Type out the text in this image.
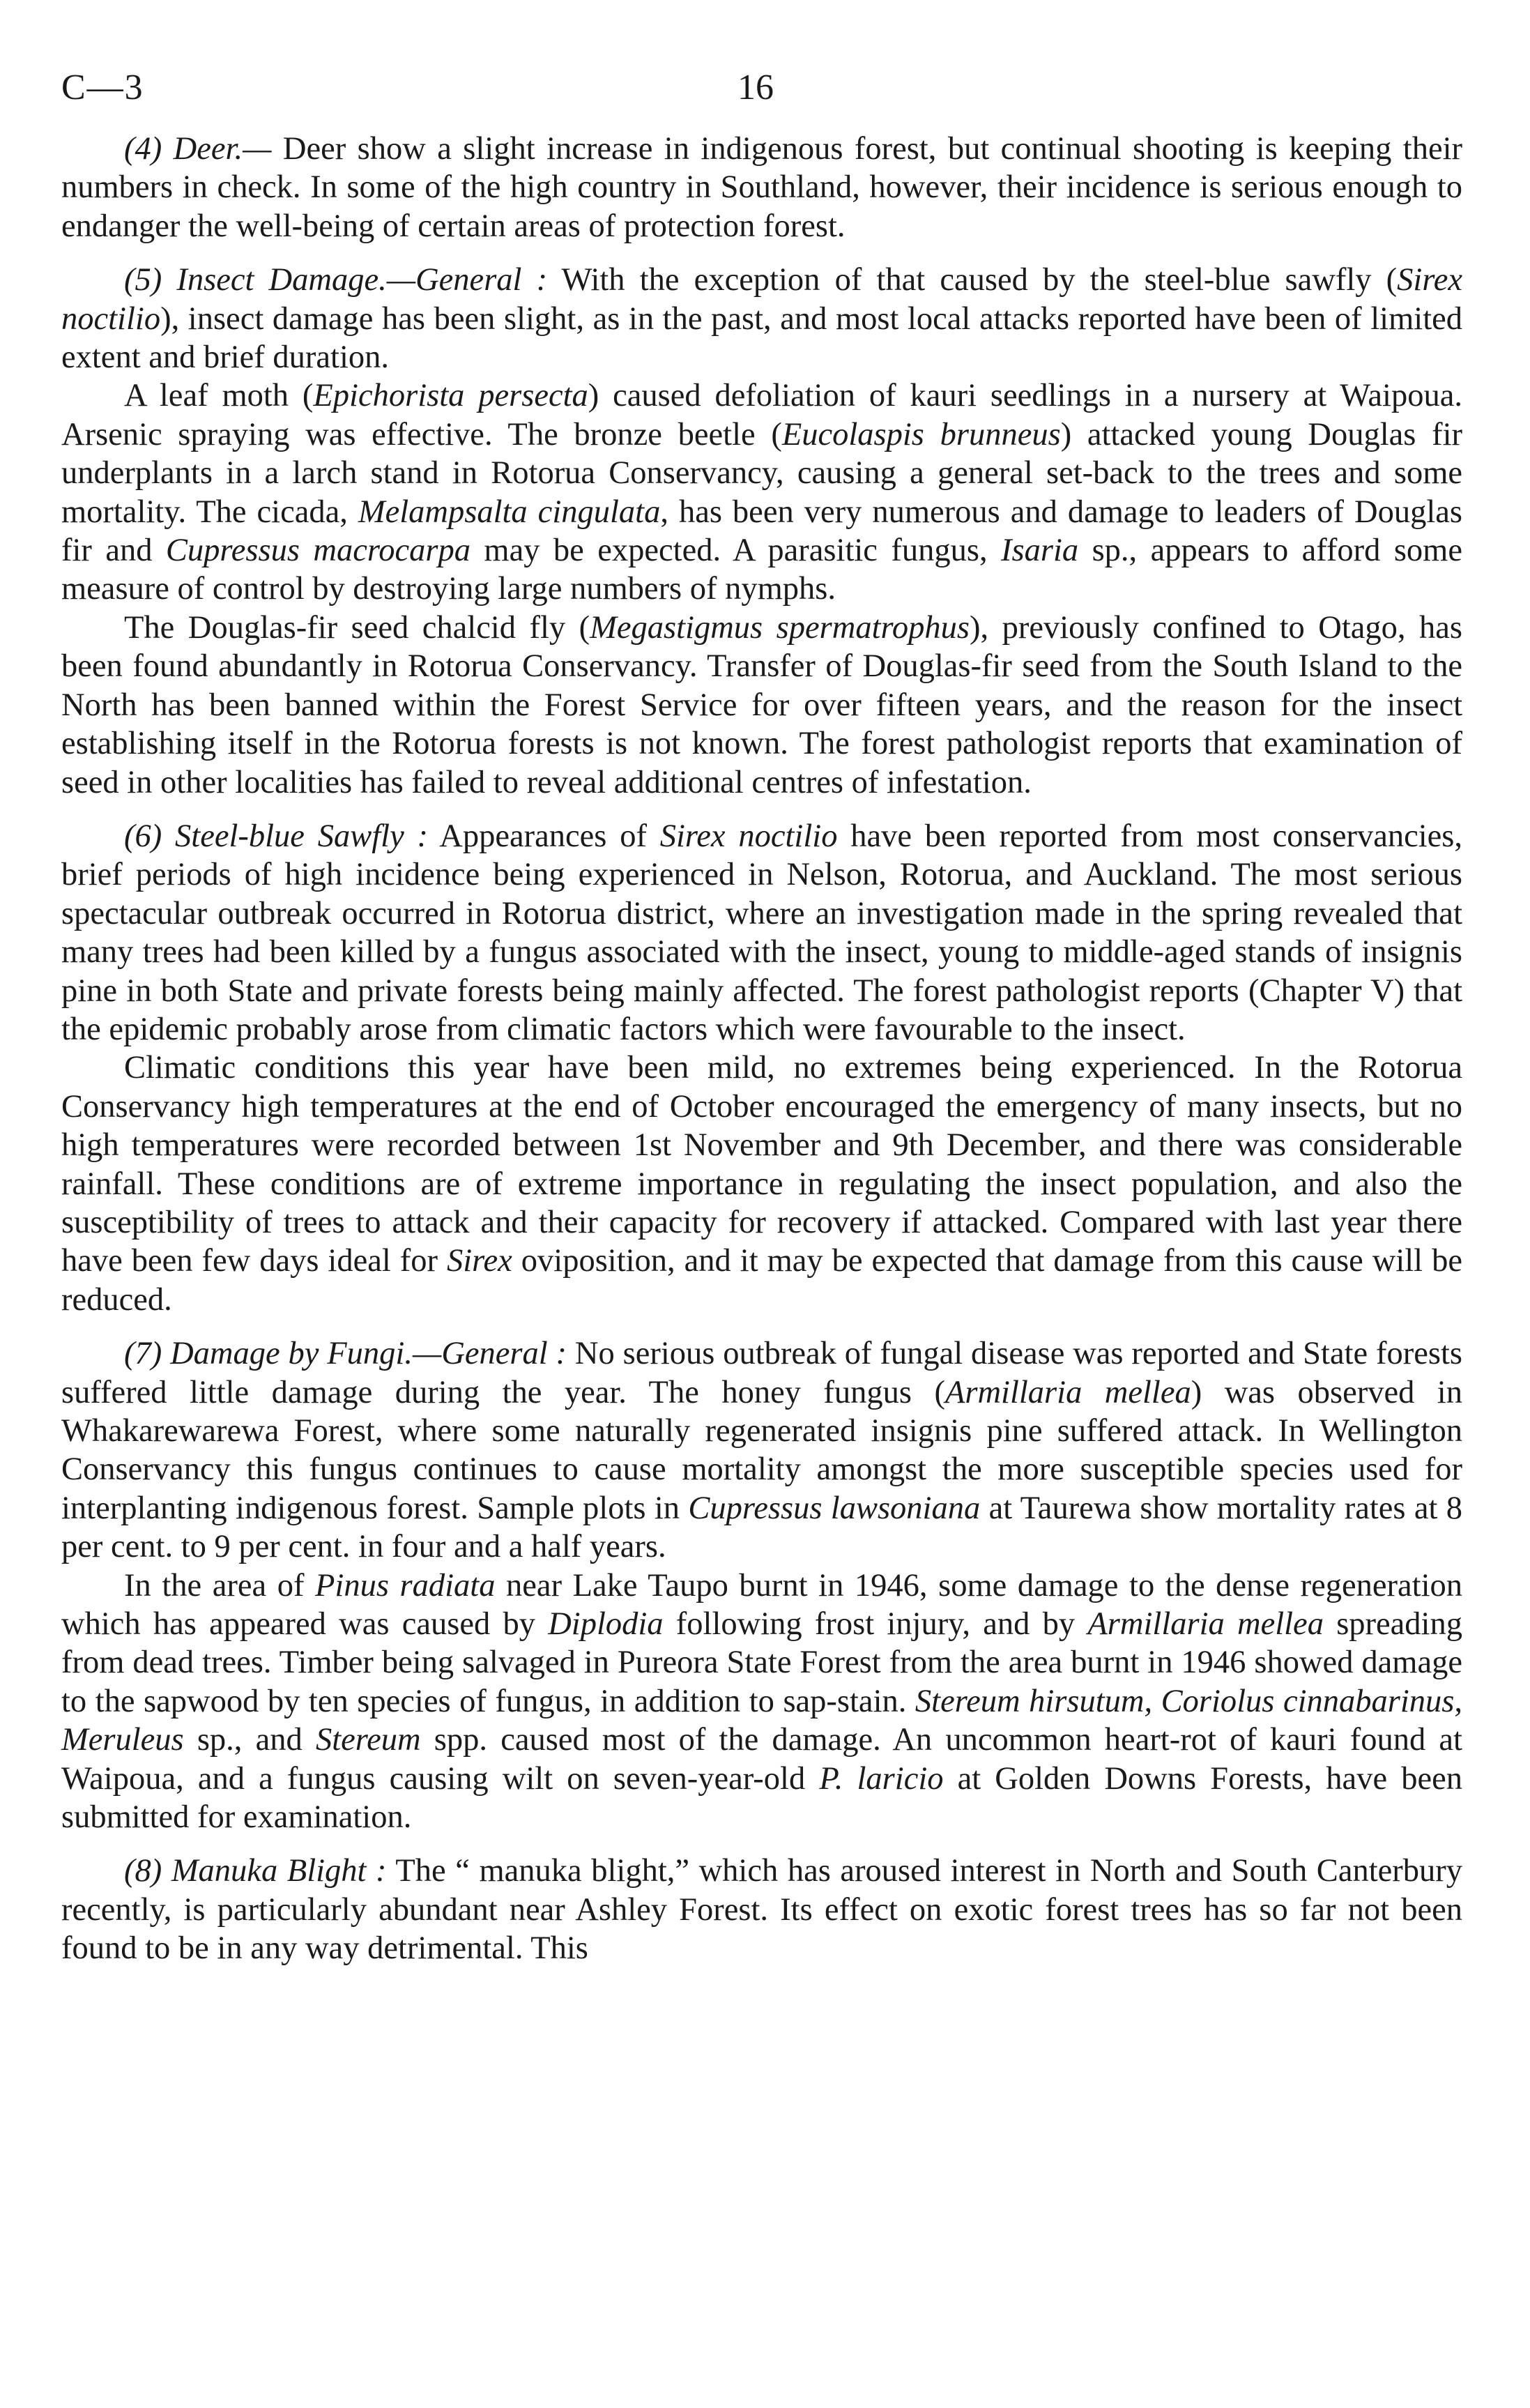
C—3	16

(4) Deer.— Deer show a slight increase in indigenous forest, but continual shooting is keeping their numbers in check. In some of the high country in Southland, however, their incidence is serious enough to endanger the well-being of certain areas of protection forest.

(5) Insect Damage.—General : With the exception of that caused by the steel-blue sawfly (Sirex noctilio), insect damage has been slight, as in the past, and most local attacks reported have been of limited extent and brief duration.

A leaf moth (Epichorista persecta) caused defoliation of kauri seedlings in a nursery at Waipoua. Arsenic spraying was effective. The bronze beetle (Eucolaspis brunneus) attacked young Douglas fir underplants in a larch stand in Rotorua Conservancy, causing a general set-back to the trees and some mortality. The cicada, Melampsalta cingulata, has been very numerous and damage to leaders of Douglas fir and Cupressus macrocarpa may be expected. A parasitic fungus, Isaria sp., appears to afford some measure of control by destroying large numbers of nymphs.

The Douglas-fir seed chalcid fly (Megastigmus spermatrophus), previously confined to Otago, has been found abundantly in Rotorua Conservancy. Transfer of Douglas-fir seed from the South Island to the North has been banned within the Forest Service for over fifteen years, and the reason for the insect establishing itself in the Rotorua forests is not known. The forest pathologist reports that examination of seed in other localities has failed to reveal additional centres of infestation.

(6) Steel-blue Sawfly : Appearances of Sirex noctilio have been reported from most conservancies, brief periods of high incidence being experienced in Nelson, Rotorua, and Auckland. The most serious spectacular outbreak occurred in Rotorua district, where an investigation made in the spring revealed that many trees had been killed by a fungus associated with the insect, young to middle-aged stands of insignis pine in both State and private forests being mainly affected. The forest pathologist reports (Chapter V) that the epidemic probably arose from climatic factors which were favourable to the insect.

Climatic conditions this year have been mild, no extremes being experienced. In the Rotorua Conservancy high temperatures at the end of October encouraged the emergency of many insects, but no high temperatures were recorded between 1st November and 9th December, and there was considerable rainfall. These conditions are of extreme importance in regulating the insect population, and also the susceptibility of trees to attack and their capacity for recovery if attacked. Compared with last year there have been few days ideal for Sirex oviposition, and it may be expected that damage from this cause will be reduced.

(7) Damage by Fungi.—General : No serious outbreak of fungal disease was reported and State forests suffered little damage during the year. The honey fungus (Armillaria mellea) was observed in Whakarewarewa Forest, where some naturally regenerated insignis pine suffered attack. In Wellington Conservancy this fungus continues to cause mortality amongst the more susceptible species used for interplanting indigenous forest. Sample plots in Cupressus lawsoniana at Taurewa show mortality rates at 8 per cent. to 9 per cent. in four and a half years.

In the area of Pinus radiata near Lake Taupo burnt in 1946, some damage to the dense regeneration which has appeared was caused by Diplodia following frost injury, and by Armillaria mellea spreading from dead trees. Timber being salvaged in Pureora State Forest from the area burnt in 1946 showed damage to the sapwood by ten species of fungus, in addition to sap-stain. Stereum hirsutum, Coriolus cinnabarinus, Meruleus sp., and Stereum spp. caused most of the damage. An uncommon heart-rot of kauri found at Waipoua, and a fungus causing wilt on seven-year-old P. laricio at Golden Downs Forests, have been submitted for examination.

(8) Manuka Blight : The “ manuka blight,” which has aroused interest in North and South Canterbury recently, is particularly abundant near Ashley Forest. Its effect on exotic forest trees has so far not been found to be in any way detrimental. This
